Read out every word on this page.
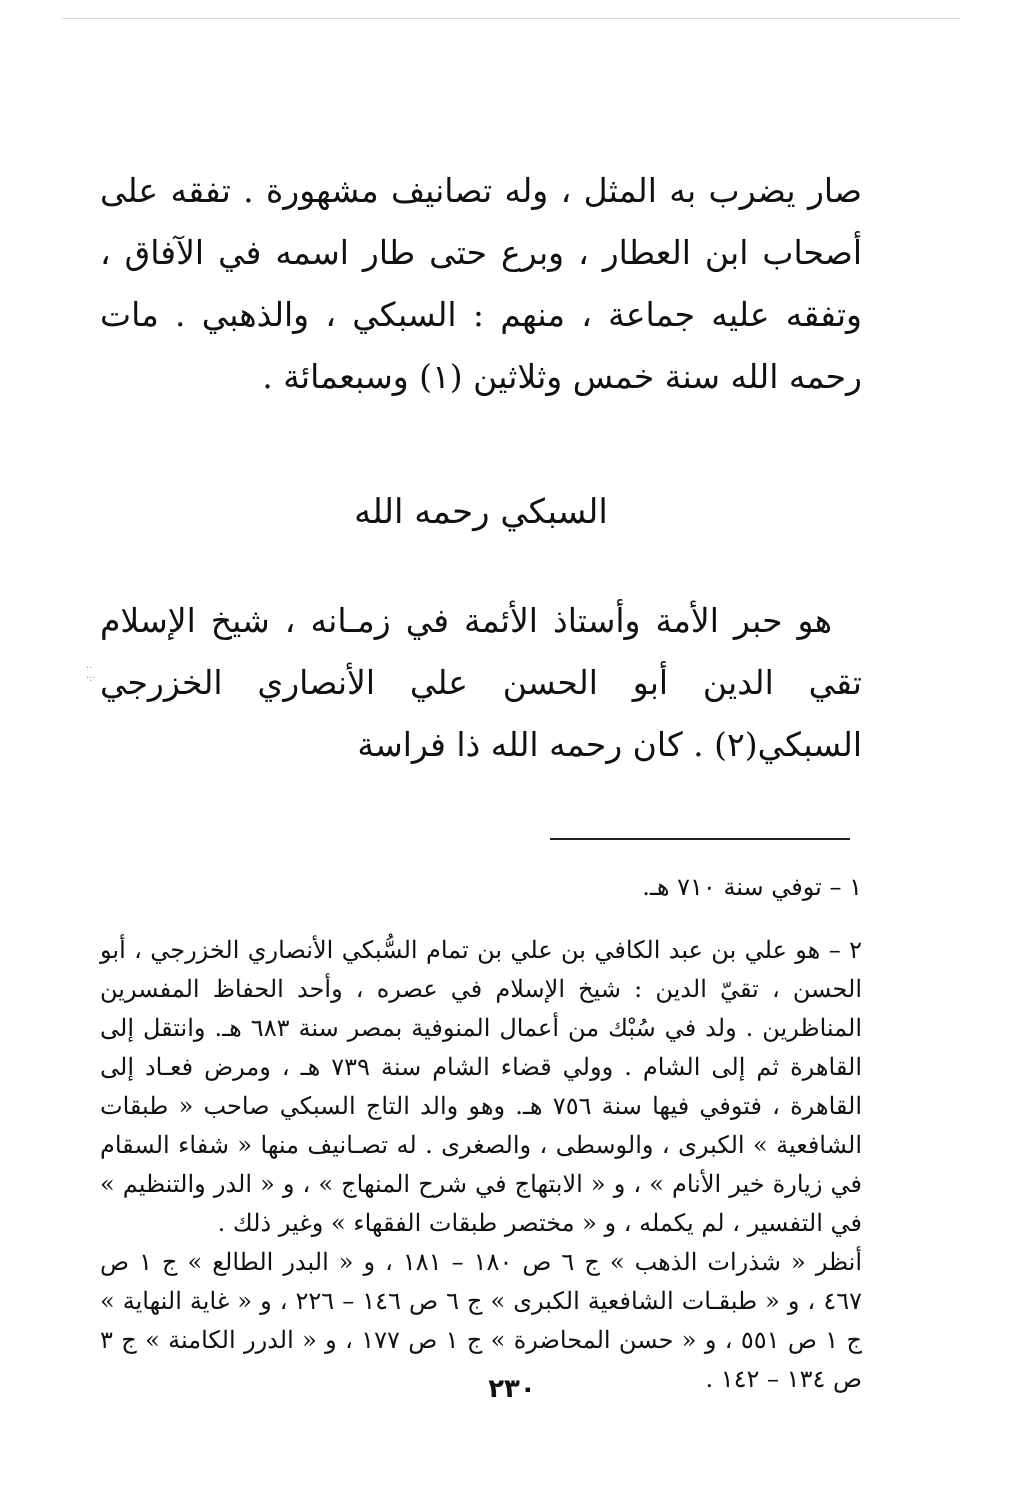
··
·:·

صار يضرب به المثل ، وله تصانيف مشهورة . تفقه على أصحاب ابن العطار ، وبرع حتى طار اسمه في الآفاق ، وتفقه عليه جماعة ، منهم : السبكي ، والذهبي . مات رحمه الله سنة خمس وثلاثين (١) وسبعمائة .

السبكي رحمه الله

هو حبر الأمة وأستاذ الأئمة في زمـانه ، شيخ الإسلام تقي الدين أبو الحسن علي الأنصاري الخزرجي السبكي(٢) . كان رحمه الله ذا فراسة

١ – توفي سنة ٧١٠ هـ.

٢ – هو علي بن عبد الكافي بن علي بن تمام السُّبكي الأنصاري الخزرجي ، أبو الحسن ، تقيّ الدين : شيخ الإسلام في عصره ، وأحد الحفاظ المفسرين المناظرين . ولد في سُبْك من أعمال المنوفية بمصر سنة ٦٨٣ هـ. وانتقل إلى القاهرة ثم إلى الشام . وولي قضاء الشام سنة ٧٣٩ هـ ، ومرض فعـاد إلى القاهرة ، فتوفي فيها سنة ٧٥٦ هـ. وهو والد التاج السبكي صاحب « طبقات الشافعية » الكبرى ، والوسطى ، والصغرى . له تصـانيف منها « شفاء السقام في زيارة خير الأنام » ، و « الابتهاج في شرح المنهاج » ، و « الدر والتنظيم » في التفسير ، لم يكمله ، و « مختصر طبقات الفقهاء » وغير ذلك .

أنظر « شذرات الذهب » ج ٦ ص ١٨٠ – ١٨١ ، و « البدر الطالع » ج ١ ص ٤٦٧ ، و « طبقـات الشافعية الكبرى » ج ٦ ص ١٤٦ – ٢٢٦ ، و « غاية النهاية » ج ١ ص ٥٥١ ، و « حسن المحاضرة » ج ١ ص ١٧٧ ، و « الدرر الكامنة » ج ٣ ص ١٣٤ – ١٤٢ .

٢٣٠
